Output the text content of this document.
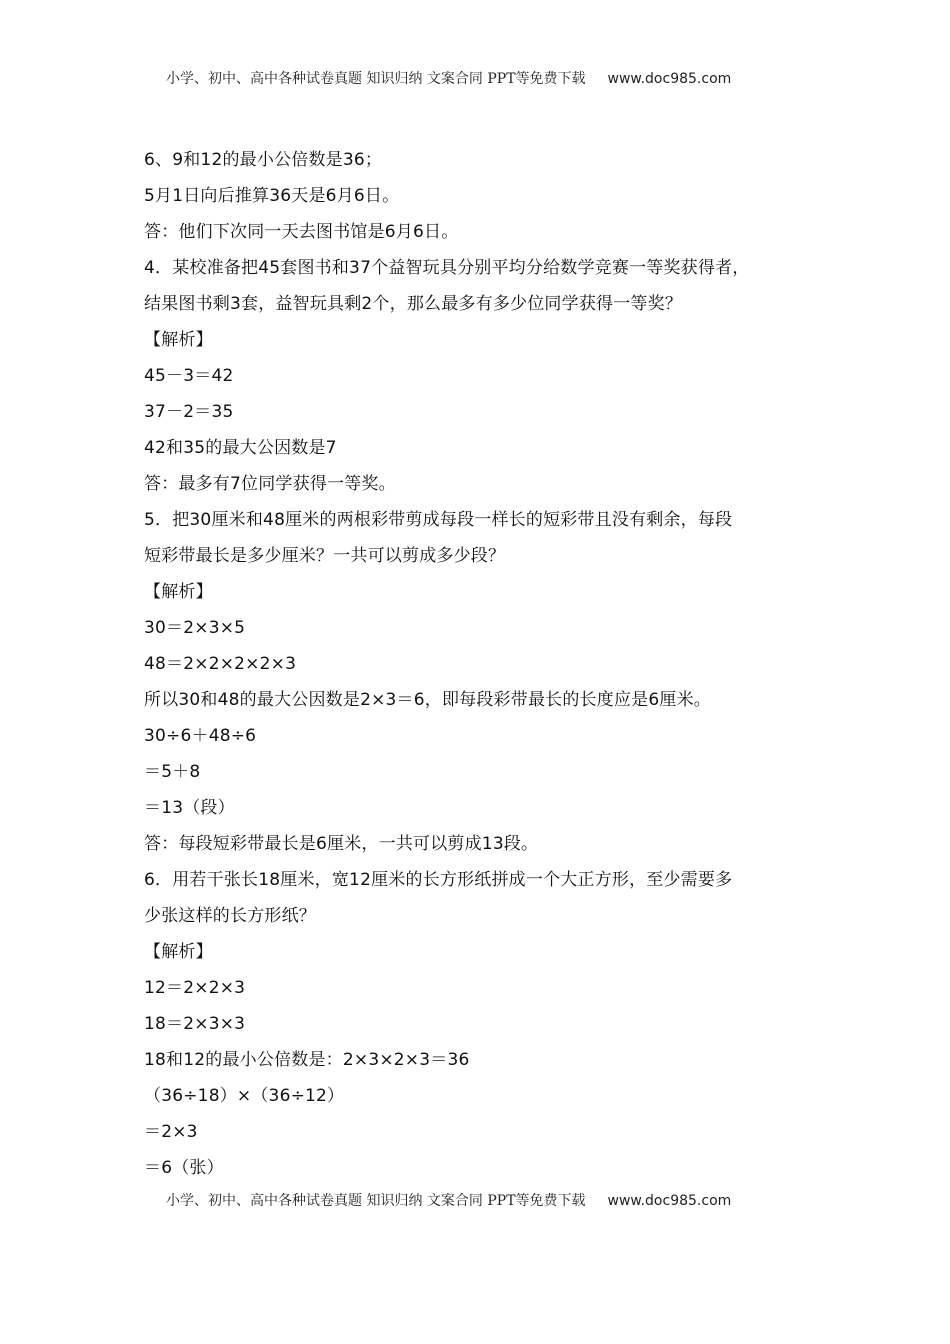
小学、初中、高中各种试卷真题 知识归纳 文案合同 PPT等免费下载 www.doc985.com
6、9和12的最小公倍数是36；
5月1日向后推算36天是6月6日。
答：他们下次同一天去图书馆是6月6日。
4．某校准备把45套图书和37个益智玩具分别平均分给数学竞赛一等奖获得者，
结果图书剩3套，益智玩具剩2个，那么最多有多少位同学获得一等奖？
【解析】
45－3＝42
37－2＝35
42和35的最大公因数是7
答：最多有7位同学获得一等奖。
5．把30厘米和48厘米的两根彩带剪成每段一样长的短彩带且没有剩余，每段
短彩带最长是多少厘米？一共可以剪成多少段？
【解析】
30＝2×3×5
48＝2×2×2×2×3
所以30和48的最大公因数是2×3＝6，即每段彩带最长的长度应是6厘米。
30÷6＋48÷6
＝5＋8
＝13（段）
答：每段短彩带最长是6厘米，一共可以剪成13段。
6．用若干张长18厘米，宽12厘米的长方形纸拼成一个大正方形，至少需要多
少张这样的长方形纸？
【解析】
12＝2×2×3
18＝2×3×3
18和12的最小公倍数是：2×3×2×3＝36
（36÷18）×（36÷12）
＝2×3
＝6（张）
小学、初中、高中各种试卷真题 知识归纳 文案合同 PPT等免费下载 www.doc985.com
